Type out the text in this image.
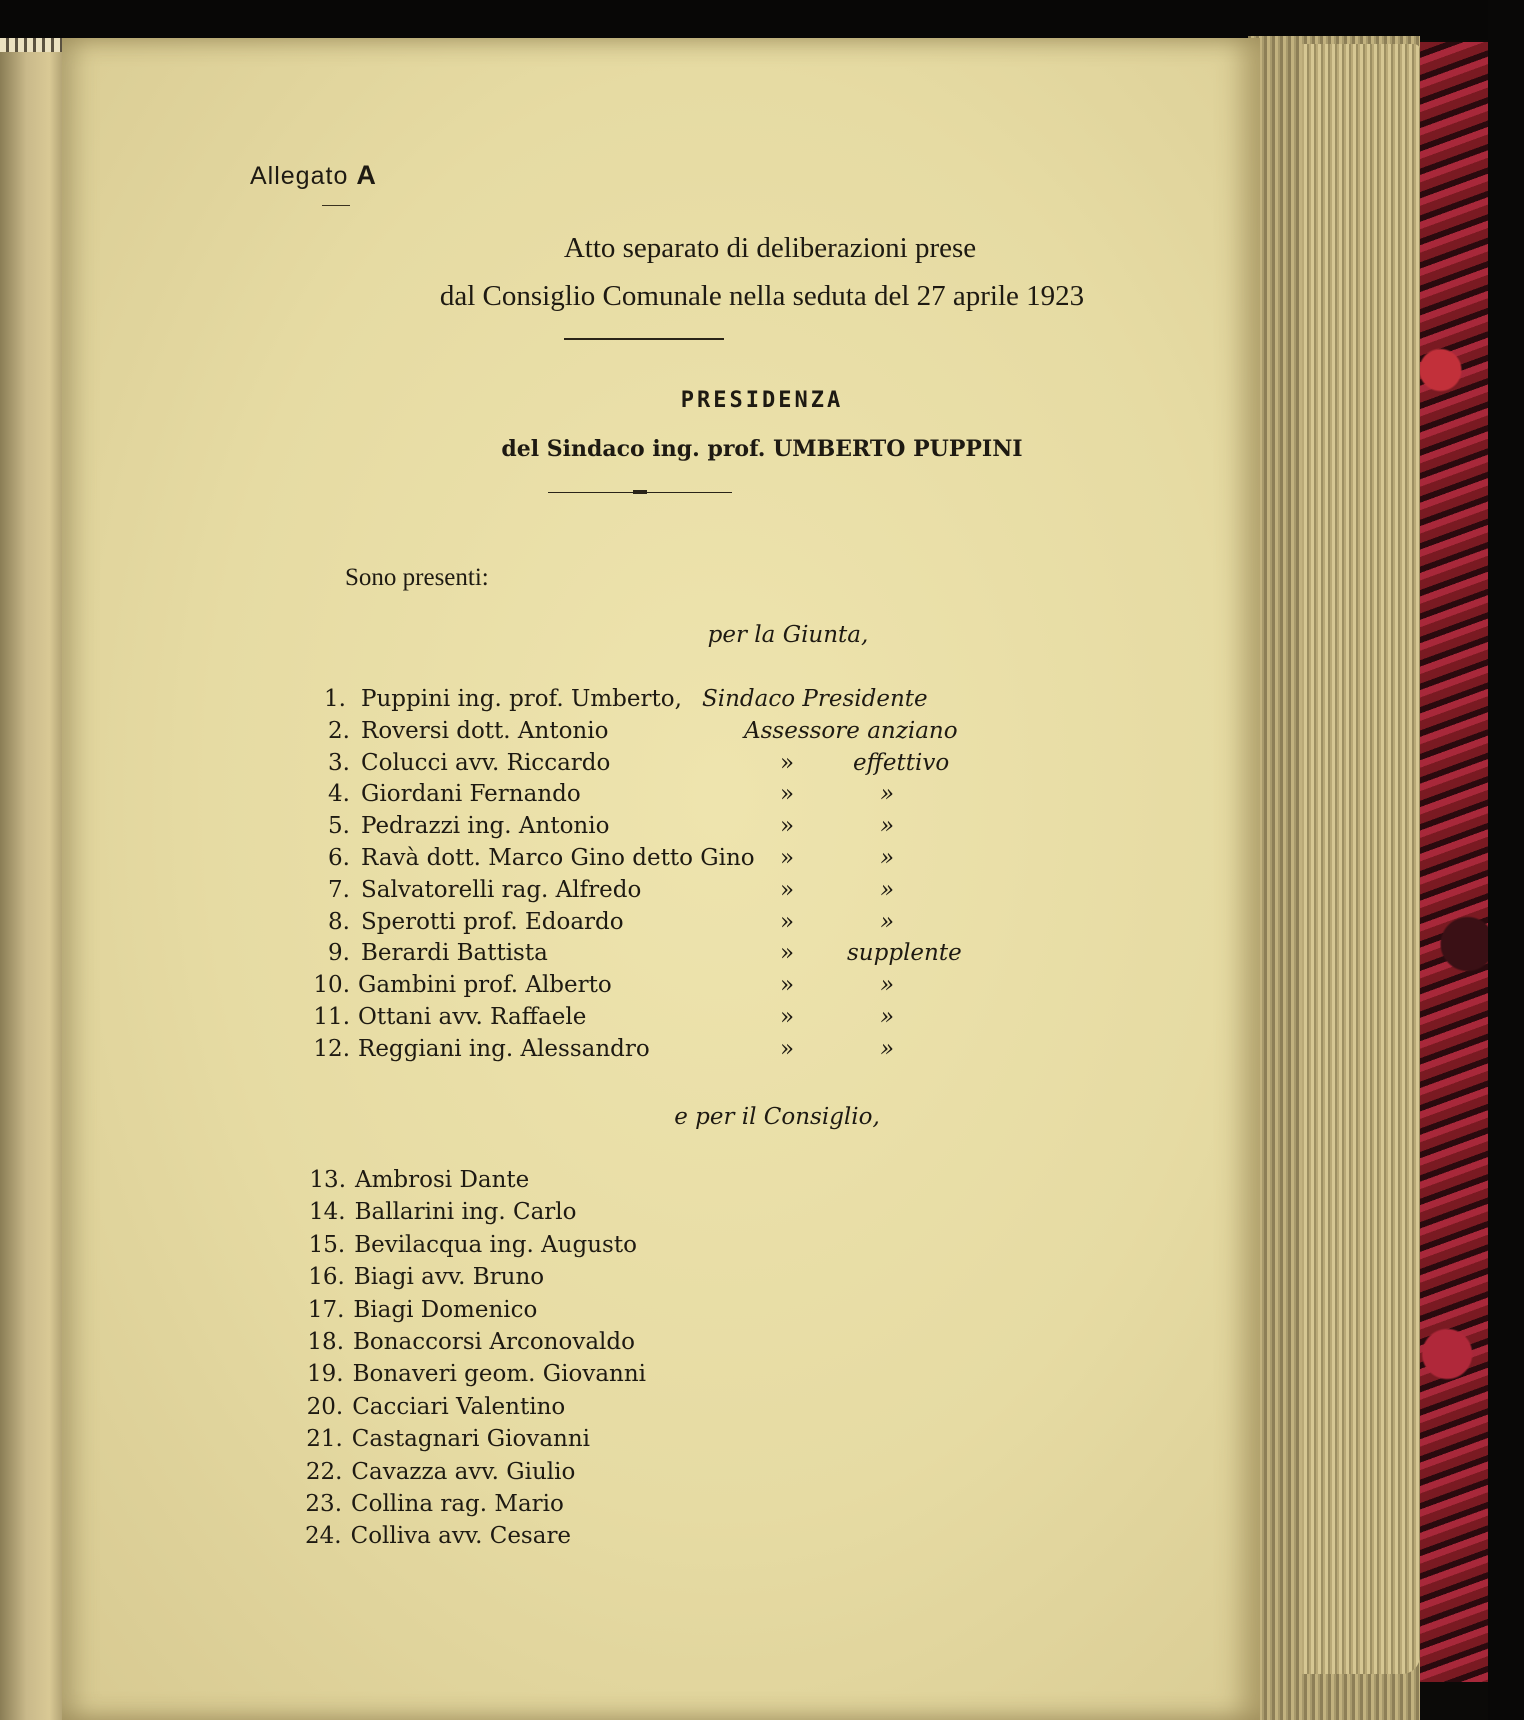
Allegato A
Atto separato di deliberazioni prese
dal Consiglio Comunale nella seduta del 27 aprile 1923
PRESIDENZA
del Sindaco ing. prof. UMBERTO PUPPINI
Sono presenti:
per la Giunta,
1. Puppini ing. prof. Umberto, Sindaco Presidente
2. Roversi dott. Antonio	Assessore anziano
3. Colucci avv. Riccardo	»	effettivo
4. Giordani Fernando	»	»
5. Pedrazzi ing. Antonio	»	»
6. Ravà dott. Marco Gino detto Gino »	»
7. Salvatorelli rag. Alfredo	»	»
8. Sperotti prof. Edoardo	»	»
9. Berardi Battista	» supplente
10. Gambini prof. Alberto	»	»
11. Ottani avv. Raffaele	»	»
12. Reggiani ing. Alessandro	»	»
e per il Consiglio,
13. Ambrosi Dante
14. Ballarini ing. Carlo
15. Bevilacqua ing. Augusto
16. Biagi avv. Bruno
17. Biagi Domenico
18. Bonaccorsi Arconovaldo
19. Bonaveri geom. Giovanni
20. Cacciari Valentino
21. Castagnari Giovanni
22. Cavazza avv. Giulio
23. Collina rag. Mario
24. Colliva avv. Cesare
